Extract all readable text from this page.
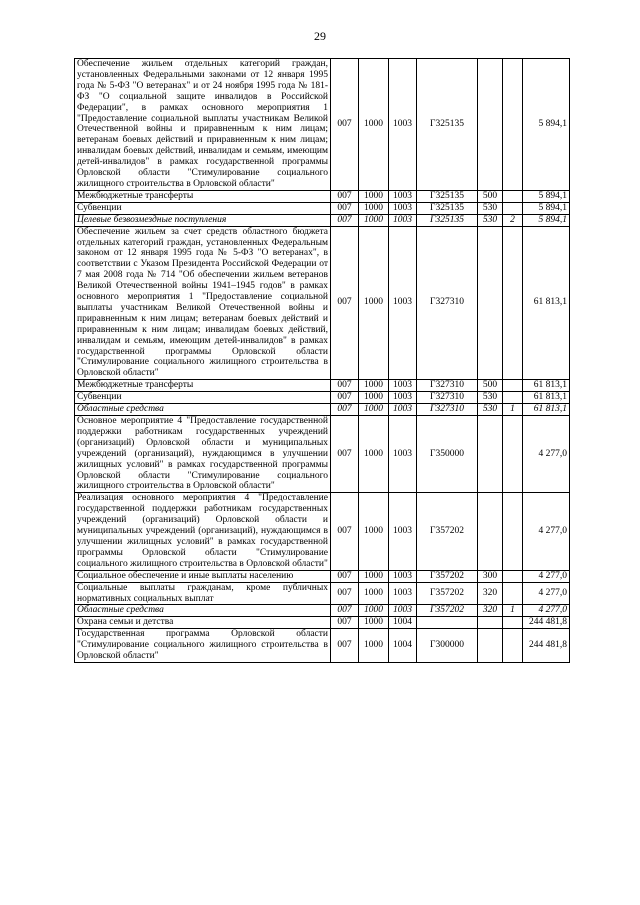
29
Обеспечение жильем отдельных категорий граждан, установленных Федеральными законами от 12 января 1995 года № 5-ФЗ "О ветеранах" и от 24 ноября 1995 года № 181-ФЗ "О социальной защите инвалидов в Российской Федерации", в рамках основного мероприятия 1 "Предоставление социальной выплаты участникам Великой Отечественной войны и приравненным к ним лицам; ветеранам боевых действий и приравненным к ним лицам; инвалидам боевых действий, инвалидам и семьям, имеющим детей-инвалидов" в рамках государственной программы Орловской области "Стимулирование социального жилищного строительства в Орловской области"	007	1000	1003	Г325135			5 894,1
Межбюджетные трансферты	007	1000	1003	Г325135	500		5 894,1
Субвенции	007	1000	1003	Г325135	530		5 894,1
Целевые безвозмездные поступления	007	1000	1003	Г325135	530	2	5 894,1
Обеспечение жильем за счет средств областного бюджета отдельных категорий граждан, установленных Федеральным законом от 12 января 1995 года № 5-ФЗ "О ветеранах", в соответствии с Указом Президента Российской Федерации от 7 мая 2008 года № 714 "Об обеспечении жильем ветеранов Великой Отечественной войны 1941–1945 годов" в рамках основного мероприятия 1 "Предоставление социальной выплаты участникам Великой Отечественной войны и приравненным к ним лицам; ветеранам боевых действий и приравненным к ним лицам; инвалидам боевых действий, инвалидам и семьям, имеющим детей-инвалидов" в рамках государственной программы Орловской области "Стимулирование социального жилищного строительства в Орловской области"	007	1000	1003	Г327310			61 813,1
Межбюджетные трансферты	007	1000	1003	Г327310	500		61 813,1
Субвенции	007	1000	1003	Г327310	530		61 813,1
Областные средства	007	1000	1003	Г327310	530	1	61 813,1
Основное мероприятие 4 "Предоставление государственной поддержки работникам государственных учреждений (организаций) Орловской области и муниципальных учреждений (организаций), нуждающимся в улучшении жилищных условий" в рамках государственной программы Орловской области "Стимулирование социального жилищного строительства в Орловской области"	007	1000	1003	Г350000			4 277,0
Реализация основного мероприятия 4 "Предоставление государственной поддержки работникам государственных учреждений (организаций) Орловской области и муниципальных учреждений (организаций), нуждающимся в улучшении жилищных условий" в рамках государственной программы Орловской области "Стимулирование социального жилищного строительства в Орловской области"	007	1000	1003	Г357202			4 277,0
Социальное обеспечение и иные выплаты населению	007	1000	1003	Г357202	300		4 277,0
Социальные выплаты гражданам, кроме публичных нормативных социальных выплат	007	1000	1003	Г357202	320		4 277,0
Областные средства	007	1000	1003	Г357202	320	1	4 277,0
Охрана семьи и детства	007	1000	1004				244 481,8
Государственная программа Орловской области "Стимулирование социального жилищного строительства в Орловской области"	007	1000	1004	Г300000			244 481,8
